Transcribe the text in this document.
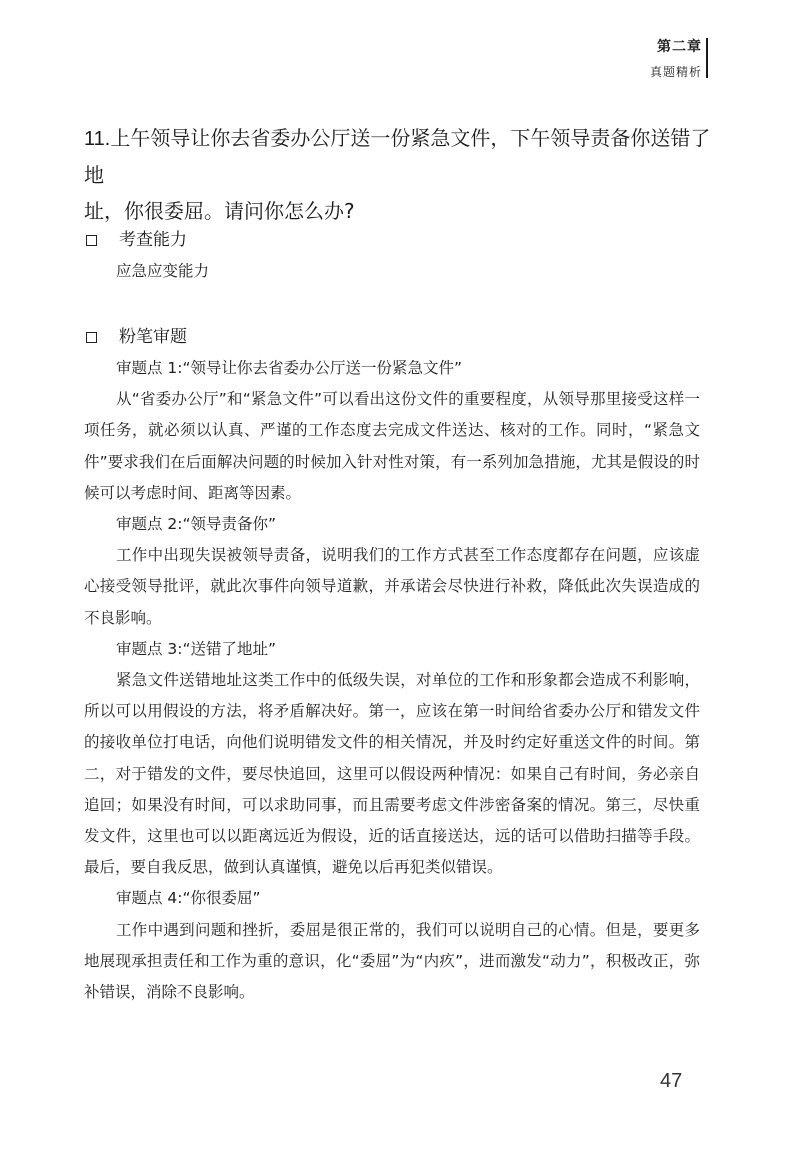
第二章
真题精析
11.上午领导让你去省委办公厅送一份紧急文件，下午领导责备你送错了地
址，你很委屈。请问你怎么办?
考查能力
应急应变能力
粉笔审题
审题点 1:“领导让你去省委办公厅送一份紧急文件”

从“省委办公厅”和“紧急文件”可以看出这份文件的重要程度，从领导那里接受这样一项任务，就必须以认真、严谨的工作态度去完成文件送达、核对的工作。同时，“紧急文件”要求我们在后面解决问题的时候加入针对性对策，有一系列加急措施，尤其是假设的时候可以考虑时间、距离等因素。

审题点 2:“领导责备你”

工作中出现失误被领导责备，说明我们的工作方式甚至工作态度都存在问题，应该虚心接受领导批评，就此次事件向领导道歉，并承诺会尽快进行补救，降低此次失误造成的不良影响。

审题点 3:“送错了地址”

紧急文件送错地址这类工作中的低级失误，对单位的工作和形象都会造成不利影响，所以可以用假设的方法，将矛盾解决好。第一，应该在第一时间给省委办公厅和错发文件的接收单位打电话，向他们说明错发文件的相关情况，并及时约定好重送文件的时间。第二，对于错发的文件，要尽快追回，这里可以假设两种情况：如果自己有时间，务必亲自追回；如果没有时间，可以求助同事，而且需要考虑文件涉密备案的情况。第三，尽快重发文件，这里也可以以距离远近为假设，近的话直接送达，远的话可以借助扫描等手段。最后，要自我反思，做到认真谨慎，避免以后再犯类似错误。

审题点 4:“你很委屈”

工作中遇到问题和挫折，委屈是很正常的，我们可以说明自己的心情。但是，要更多地展现承担责任和工作为重的意识，化“委屈”为“内疚”，进而激发“动力”，积极改正，弥补错误，消除不良影响。

47
